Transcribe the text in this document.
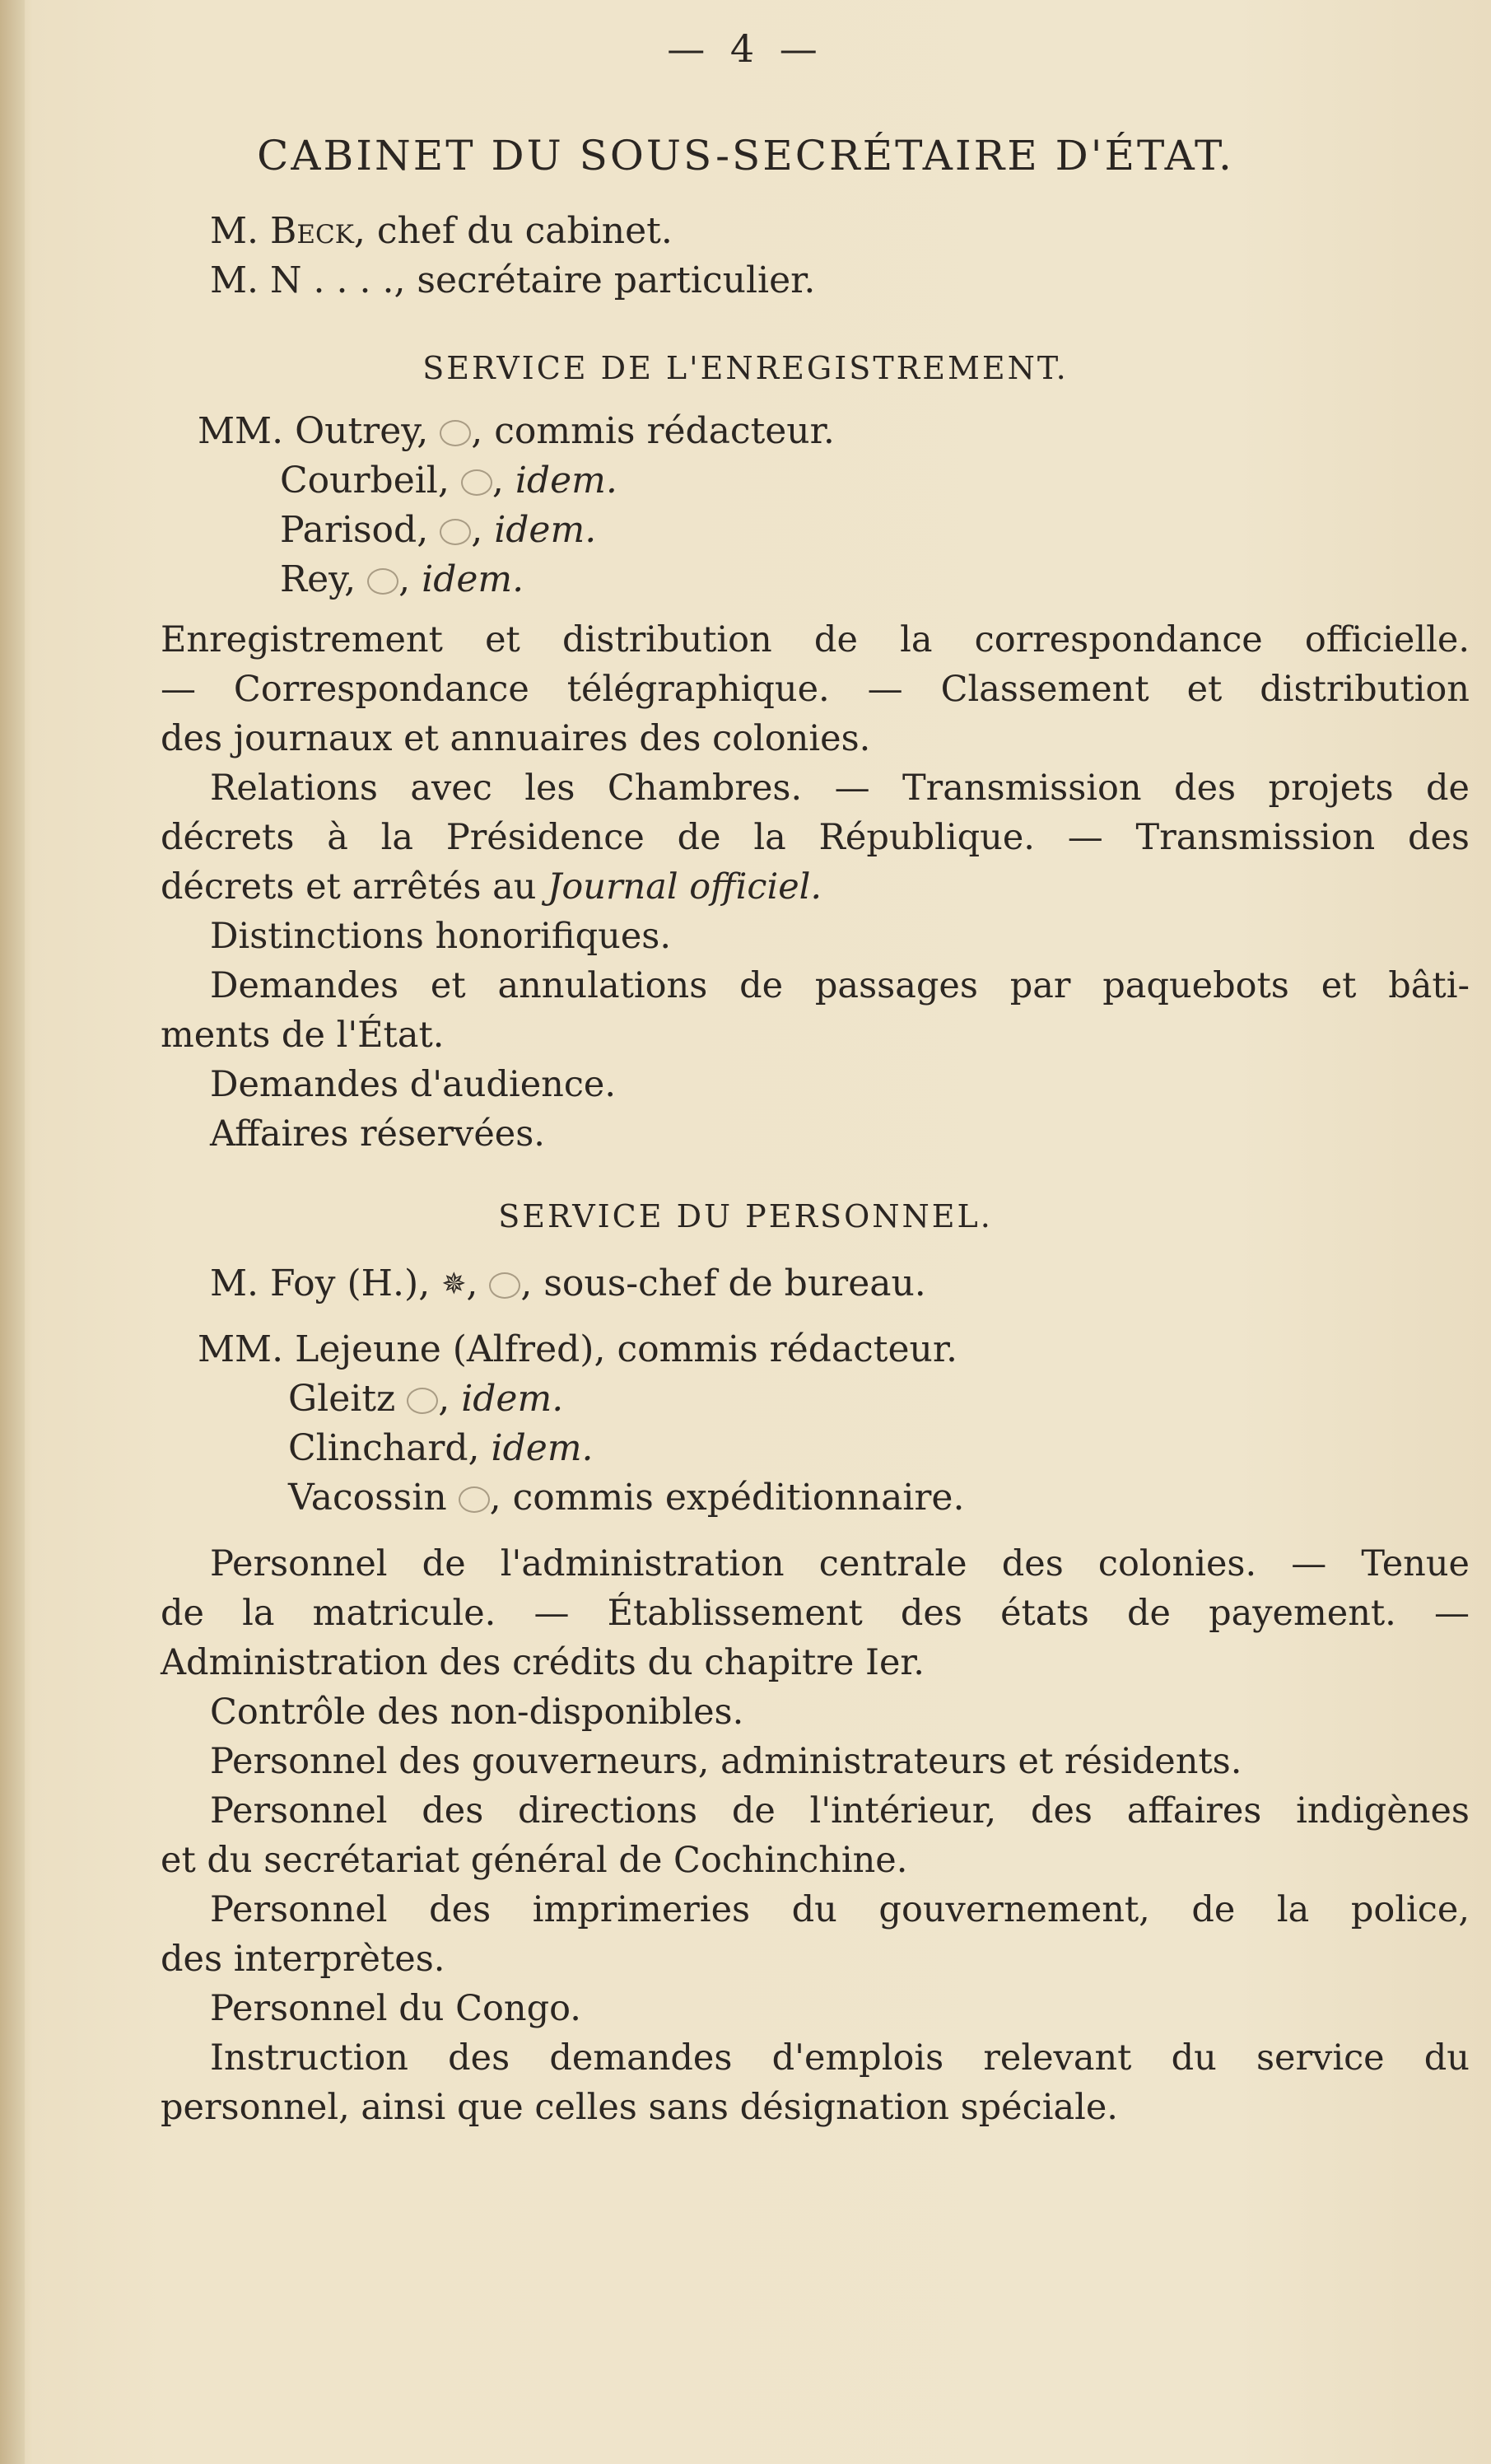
— 4 —
CABINET DU SOUS-SECRÉTAIRE D'ÉTAT.
M. Beck, chef du cabinet.
M. N . . . ., secrétaire particulier.
SERVICE DE L'ENREGISTREMENT.
MM. Outrey, , commis rédacteur.
Courbeil, , idem.
Parisod, , idem.
Rey, , idem.
Enregistrement et distribution de la correspondance officielle.
— Correspondance télégraphique. — Classement et distribution
des journaux et annuaires des colonies.
Relations avec les Chambres. — Transmission des projets de
décrets à la Présidence de la République. — Transmission des
décrets et arrêtés au Journal officiel.
Distinctions honorifiques.
Demandes et annulations de passages par paquebots et bâti-
ments de l'État.
Demandes d'audience.
Affaires réservées.
SERVICE DU PERSONNEL.
M. Foy (H.), ✵, , sous-chef de bureau.
MM. Lejeune (Alfred), commis rédacteur.
Gleitz , idem.
Clinchard, idem.
Vacossin , commis expéditionnaire.
Personnel de l'administration centrale des colonies. — Tenue
de la matricule. — Établissement des états de payement. —
Administration des crédits du chapitre Ier.
Contrôle des non-disponibles.
Personnel des gouverneurs, administrateurs et résidents.
Personnel des directions de l'intérieur, des affaires indigènes
et du secrétariat général de Cochinchine.
Personnel des imprimeries du gouvernement, de la police,
des interprètes.
Personnel du Congo.
Instruction des demandes d'emplois relevant du service du
personnel, ainsi que celles sans désignation spéciale.
